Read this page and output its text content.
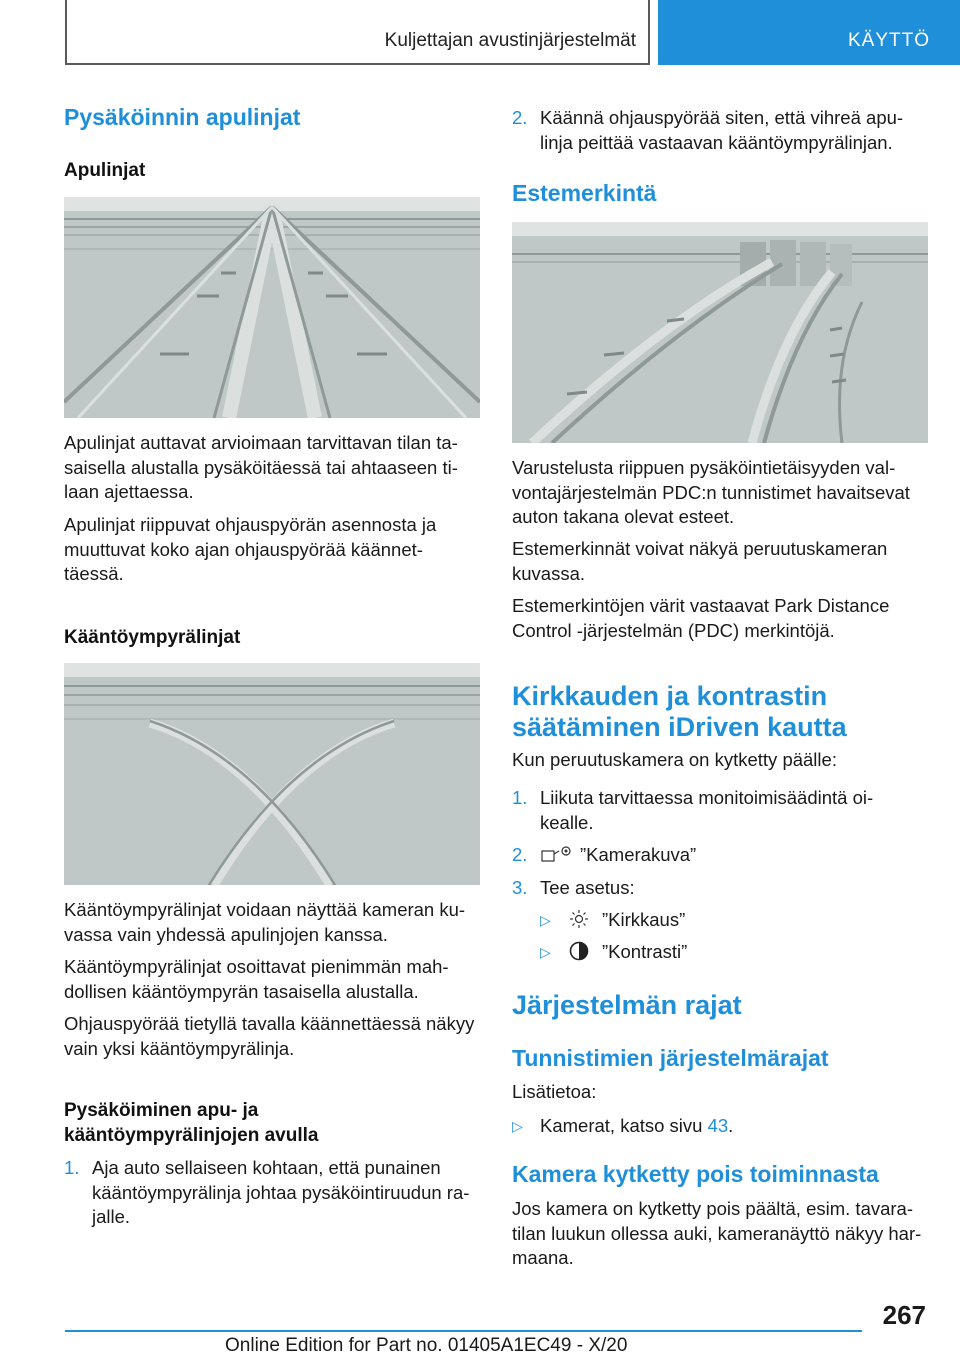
Kuljettajan avustinjärjestelmät	KÄYTTÖ
Pysäköinnin apulinjat
Apulinjat

Apulinjat auttavat arvioimaan tarvittavan tilan ta-

saisella alustalla pysäköitäessä tai ahtaaseen ti-

laan ajettaessa.

Apulinjat riippuvat ohjauspyörän asennosta ja

muuttuvat koko ajan ohjauspyörää käännet-

täessä.

Kääntöympyrälinjat

Kääntöympyrälinjat voidaan näyttää kameran ku-

vassa vain yhdessä apulinjojen kanssa.

Kääntöympyrälinjat osoittavat pienimmän mah-

dollisen kääntöympyrän tasaisella alustalla.

Ohjauspyörää tietyllä tavalla käännettäessä näkyy

vain yksi kääntöympyrälinja.

Pysäköiminen apu- ja
kääntöympyrälinjojen avulla
1. Aja auto sellaiseen kohtaan, että punainen
kääntöympyrälinja johtaa pysäköintiruudun ra-
jalle.
2. Käännä ohjauspyörää siten, että vihreä apu-
linja peittää vastaavan kääntöympyrälinjan.
Estemerkintä

Varustelusta riippuen pysäköintietäisyyden val-

vontajärjestelmän PDC:n tunnistimet havaitsevat

auton takana olevat esteet.

Estemerkinnät voivat näkyä peruutuskameran

kuvassa.

Estemerkintöjen värit vastaavat Park Distance

Control -järjestelmän (PDC) merkintöjä.

Kirkkauden ja kontrastin
säätäminen iDriven kautta

Kun peruutuskamera on kytketty päälle:

1. Liikuta tarvittaessa monitoimisäädintä oi-
kealle.
2.	”Kamerakuva”
3. Tee asetus:
▷	”Kirkkaus”
▷	”Kontrasti”
Järjestelmän rajat
Tunnistimien järjestelmärajat

Lisätietoa:

▷ Kamerat, katso sivu 43.
Kamera kytketty pois toiminnasta

Jos kamera on kytketty pois päältä, esim. tavara-

tilan luukun ollessa auki, kameranäyttö näkyy har-

maana.

267
Online Edition for Part no. 01405A1EC49 - X/20
